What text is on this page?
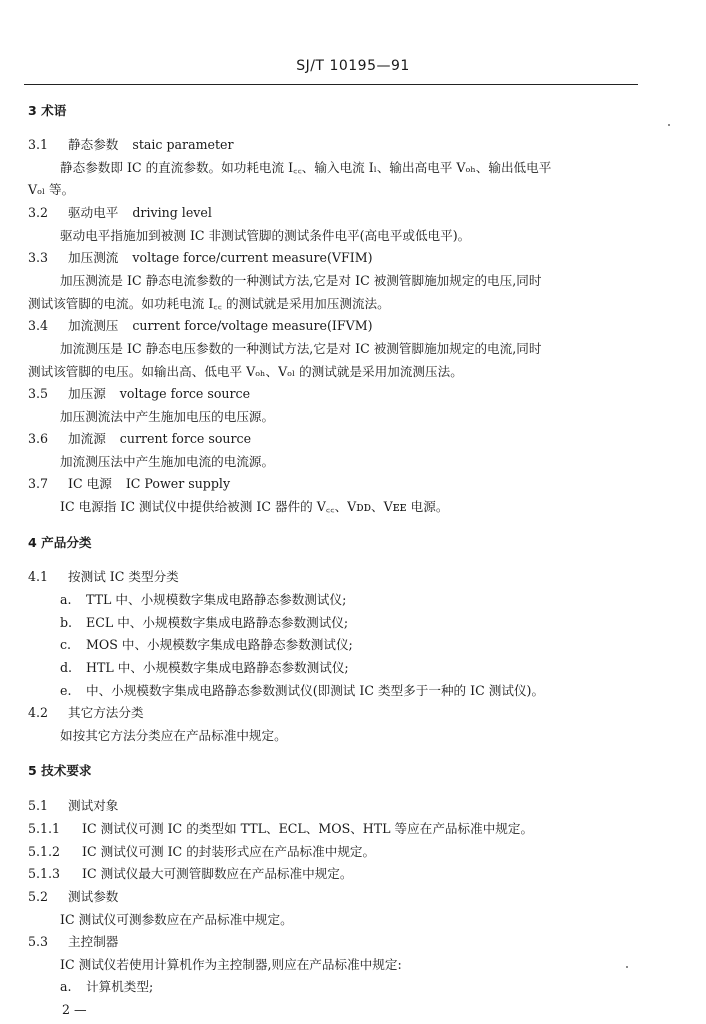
SJ/T 10195—91
3 术语
3.1 静态参数 staic parameter
静态参数即 IC 的直流参数。如功耗电流 I꜀꜀、输入电流 Iₗ、输出高电平 Vₒₕ、输出低电平
Vₒₗ 等。
3.2 驱动电平 driving level
驱动电平指施加到被测 IC 非测试管脚的测试条件电平(高电平或低电平)。
3.3 加压测流 voltage force/current measure(VFIM)
加压测流是 IC 静态电流参数的一种测试方法,它是对 IC 被测管脚施加规定的电压,同时
测试该管脚的电流。如功耗电流 I꜀꜀ 的测试就是采用加压测流法。
3.4 加流测压 current force/voltage measure(IFVM)
加流测压是 IC 静态电压参数的一种测试方法,它是对 IC 被测管脚施加规定的电流,同时
测试该管脚的电压。如输出高、低电平 Vₒₕ、Vₒₗ 的测试就是采用加流测压法。
3.5 加压源 voltage force source
加压测流法中产生施加电压的电压源。
3.6 加流源 current force source
加流测压法中产生施加电流的电流源。
3.7 IC 电源 IC Power supply
IC 电源指 IC 测试仪中提供给被测 IC 器件的 V꜀꜀、Vᴅᴅ、Vᴇᴇ 电源。
4 产品分类
4.1 按测试 IC 类型分类
a. TTL 中、小规模数字集成电路静态参数测试仪;
b. ECL 中、小规模数字集成电路静态参数测试仪;
c. MOS 中、小规模数字集成电路静态参数测试仪;
d. HTL 中、小规模数字集成电路静态参数测试仪;
e. 中、小规模数字集成电路静态参数测试仪(即测试 IC 类型多于一种的 IC 测试仪)。
4.2 其它方法分类
如按其它方法分类应在产品标准中规定。
5 技术要求
5.1 测试对象
5.1.1 IC 测试仪可测 IC 的类型如 TTL、ECL、MOS、HTL 等应在产品标准中规定。
5.1.2 IC 测试仪可测 IC 的封装形式应在产品标准中规定。
5.1.3 IC 测试仪最大可测管脚数应在产品标准中规定。
5.2 测试参数
IC 测试仪可测参数应在产品标准中规定。
5.3 主控制器
IC 测试仪若使用计算机作为主控制器,则应在产品标准中规定:
a. 计算机类型;
2 —
